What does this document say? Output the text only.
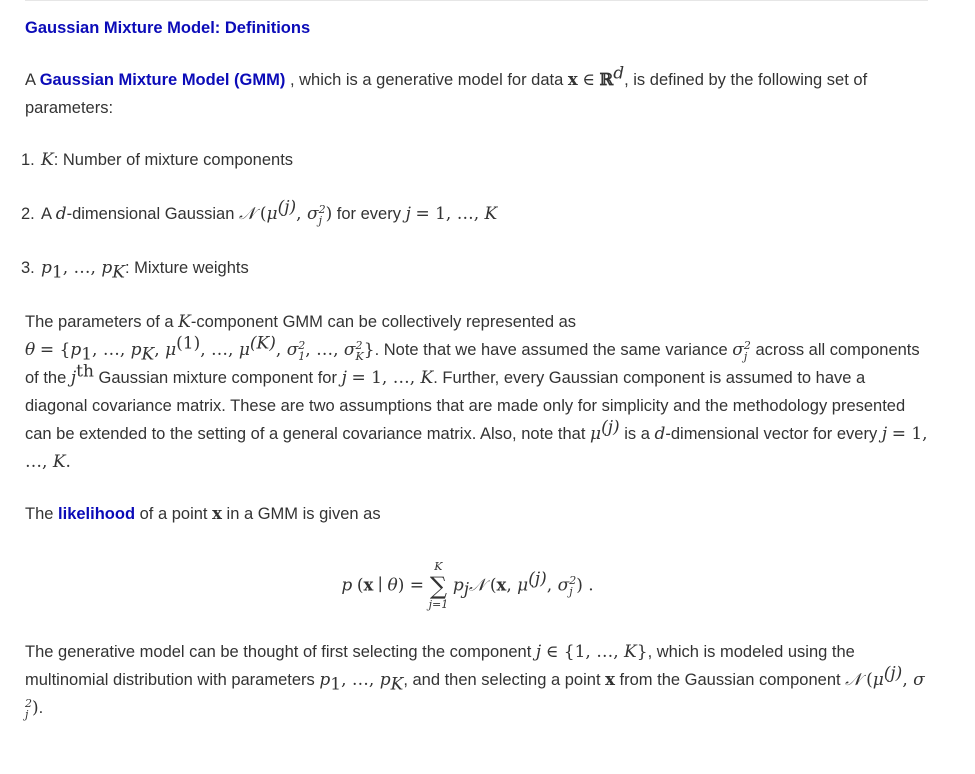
Gaussian Mixture Model: Definitions

A Gaussian Mixture Model (GMM) , which is a generative model for data x ∈ ℝ$^d$, is defined by the following set of parameters:

1. K: Number of mixture components
2. A d-dimensional Gaussian 𝒩 ($\mu^{(j)}$, σ 2
j ) for every j = 1, …, K
3. $p_1$, …, $p_K$: Mixture weights

The parameters of a K-component GMM can be collectively represented as
$\theta = \{p_1$, …, $p_K$, $\mu^{(1)}$, …, $\mu^{(K)}$, σ 2
1 , …, σ 2
K }. Note that we have assumed the same variance σ 2
j across all components of the $j^{th}$ Gaussian mixture component for j = 1, …, K. Further, every Gaussian component is assumed to have a diagonal covariance matrix. These are two assumptions that are made only for simplicity and the methodology presented can be extended to the setting of a general covariance matrix. Also, note that $\mu^{(j)}$ is a d-dimensional vector for every j = 1, …, K.

The likelihood of a point x in a GMM is given as

p (x ∣ θ) =
K
∑
j=1
$p_j𝒩$ (x, $\mu^{(j)}$, σ 2
j ) .

The generative model can be thought of first selecting the component j ∈ {1, …, K}, which is modeled using the multinomial distribution with parameters $p_1$, …, $p_K$, and then selecting a point x from the Gaussian component 𝒩 ($\mu^{(j)}$, σ
2
j ).
